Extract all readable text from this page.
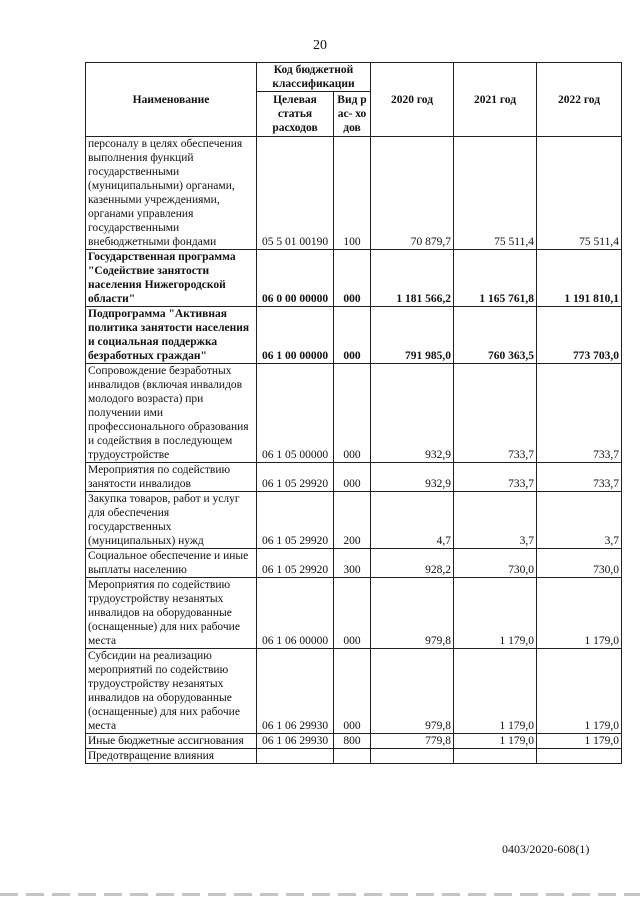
20
Наименование	Код бюджетной классификации		2020 год	2021 год	2022 год
	Целевая статья расходов	Вид рас- ходов			
персоналу в целях обеспечения выполнения функций государственными (муниципальными) органами, казенными учреждениями, органами управления государственными внебюджетными фондами	05 5 01 00190	100	70 879,7	75 511,4	75 511,4
Государственная программа "Содействие занятости населения Нижегородской области"	06 0 00 00000	000	1 181 566,2	1 165 761,8	1 191 810,1
Подпрограмма "Активная политика занятости населения и социальная поддержка безработных граждан"	06 1 00 00000	000	791 985,0	760 363,5	773 703,0
Сопровождение безработных инвалидов (включая инвалидов молодого возраста) при получении ими профессионального образования и содействия в последующем трудоустройстве	06 1 05 00000	000	932,9	733,7	733,7
Мероприятия по содействию занятости инвалидов	06 1 05 29920	000	932,9	733,7	733,7
Закупка товаров, работ и услуг для обеспечения государственных (муниципальных) нужд	06 1 05 29920	200	4,7	3,7	3,7
Социальное обеспечение и иные выплаты населению	06 1 05 29920	300	928,2	730,0	730,0
Мероприятия по содействию трудоустройству незанятых инвалидов на оборудованные (оснащенные) для них рабочие места	06 1 06 00000	000	979,8	1 179,0	1 179,0
Субсидии на реализацию мероприятий по содействию трудоустройству незанятых инвалидов на оборудованные (оснащенные) для них рабочие места	06 1 06 29930	000	979,8	1 179,0	1 179,0
Иные бюджетные ассигнования	06 1 06 29930	800	779,8	1 179,0	1 179,0
Предотвращение влияния					
0403/2020-608(1)
